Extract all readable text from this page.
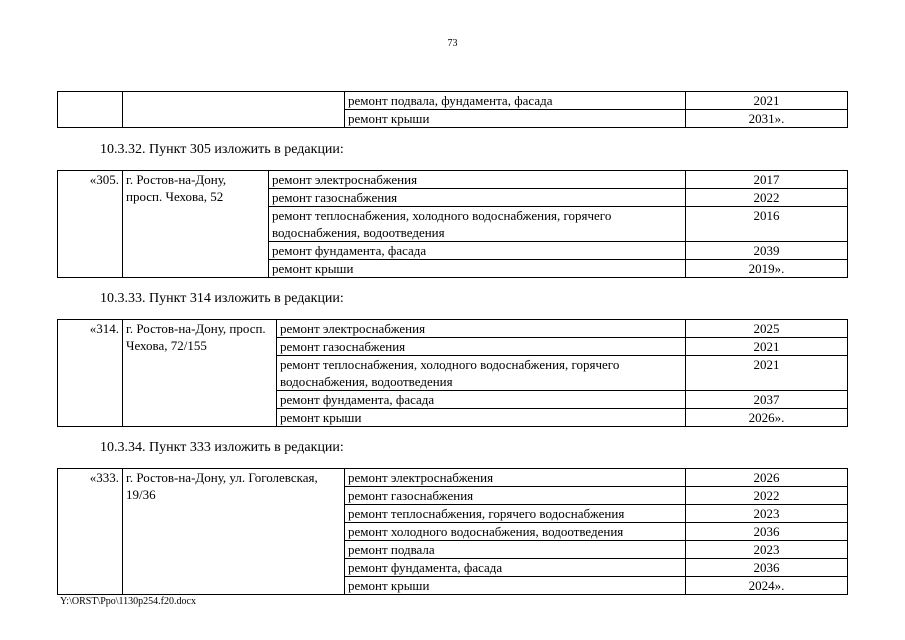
73
		ремонт подвала, фундамента, фасада	2021
		ремонт крыши	2031».
10.3.32. Пункт 305 изложить в редакции:
«305.	г. Ростов-на-Дону, просп. Чехова, 52	ремонт электроснабжения	2017
		ремонт газоснабжения	2022
		ремонт теплоснабжения, холодного водоснабжения, горячего водоснабжения, водоотведения	2016
		ремонт фундамента, фасада	2039
		ремонт крыши	2019».
10.3.33. Пункт 314 изложить в редакции:
«314.	г. Ростов-на-Дону, просп. Чехова, 72/155	ремонт электроснабжения	2025
		ремонт газоснабжения	2021
		ремонт теплоснабжения, холодного водоснабжения, горячего водоснабжения, водоотведения	2021
		ремонт фундамента, фасада	2037
		ремонт крыши	2026».
10.3.34. Пункт 333 изложить в редакции:
«333.	г. Ростов-на-Дону, ул. Гоголевская, 19/36	ремонт электроснабжения	2026
		ремонт газоснабжения	2022
		ремонт теплоснабжения, горячего водоснабжения	2023
		ремонт холодного водоснабжения, водоотведения	2036
		ремонт подвала	2023
		ремонт фундамента, фасада	2036
		ремонт крыши	2024».
Y:\ORST\Ppo\1130p254.f20.docx
